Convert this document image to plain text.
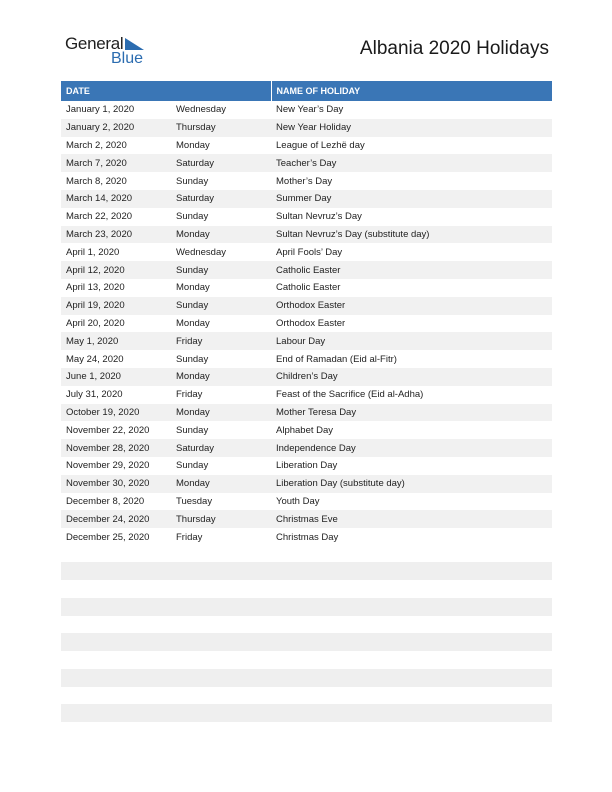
General
Blue	Albania 2020 Holidays
DATE		NAME OF HOLIDAY
January 1, 2020	Wednesday	New Year’s Day
January 2, 2020	Thursday	New Year Holiday
March 2, 2020	Monday	League of Lezhë day
March 7, 2020	Saturday	Teacher’s Day
March 8, 2020	Sunday	Mother’s Day
March 14, 2020	Saturday	Summer Day
March 22, 2020	Sunday	Sultan Nevruz’s Day
March 23, 2020	Monday	Sultan Nevruz’s Day (substitute day)
April 1, 2020	Wednesday	April Fools’ Day
April 12, 2020	Sunday	Catholic Easter
April 13, 2020	Monday	Catholic Easter
April 19, 2020	Sunday	Orthodox Easter
April 20, 2020	Monday	Orthodox Easter
May 1, 2020	Friday	Labour Day
May 24, 2020	Sunday	End of Ramadan (Eid al-Fitr)
June 1, 2020	Monday	Children’s Day
July 31, 2020	Friday	Feast of the Sacrifice (Eid al-Adha)
October 19, 2020	Monday	Mother Teresa Day
November 22, 2020	Sunday	Alphabet Day
November 28, 2020	Saturday	Independence Day
November 29, 2020	Sunday	Liberation Day
November 30, 2020	Monday	Liberation Day (substitute day)
December 8, 2020	Tuesday	Youth Day
December 24, 2020	Thursday	Christmas Eve
December 25, 2020	Friday	Christmas Day
